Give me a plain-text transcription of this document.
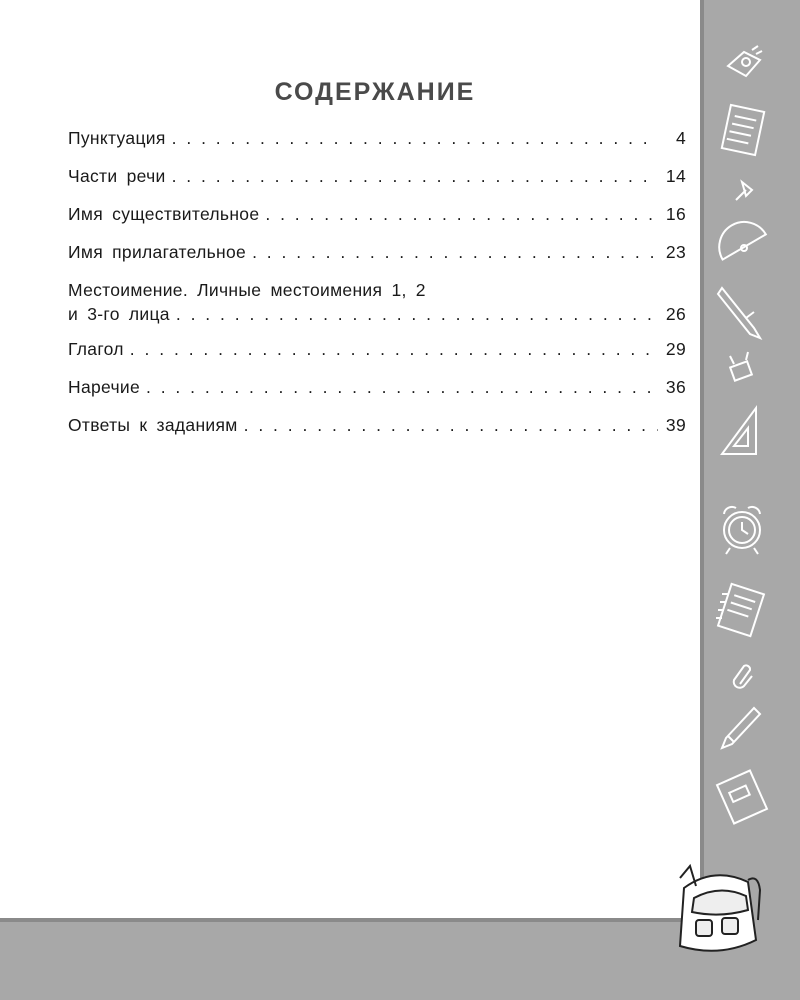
СОДЕРЖАНИЕ
Пунктуация . . .	4
Части речи . . .	14
Имя существительное . . .	16
Имя прилагательное . . .	23
Местоимение. Личные местоимения 1, 2
и 3-го лица . . .	26
Глагол . . .	29
Наречие . . .	36
Ответы к заданиям . . .	39
